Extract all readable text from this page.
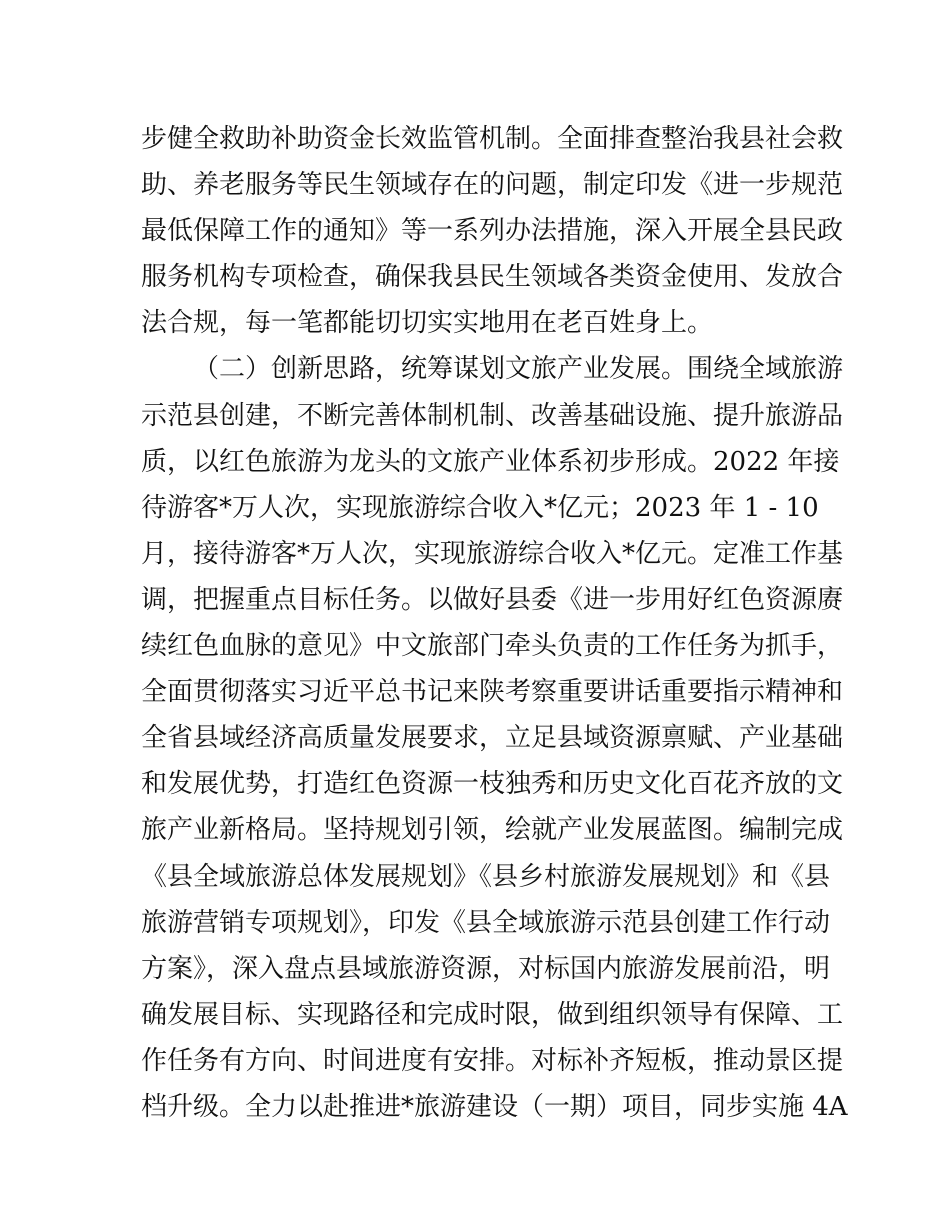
步健全救助补助资金长效监管机制。全面排查整治我县社会救
助、养老服务等民生领域存在的问题，制定印发《进一步规范
最低保障工作的通知》等一系列办法措施，深入开展全县民政
服务机构专项检查，确保我县民生领域各类资金使用、发放合
法合规，每一笔都能切切实实地用在老百姓身上。
（二）创新思路，统筹谋划文旅产业发展。围绕全域旅游
示范县创建，不断完善体制机制、改善基础设施、提升旅游品
质，以红色旅游为龙头的文旅产业体系初步形成。2022 年接
待游客*万人次，实现旅游综合收入*亿元；2023 年 1 - 10
月，接待游客*万人次，实现旅游综合收入*亿元。定准工作基
调，把握重点目标任务。以做好县委《进一步用好红色资源赓
续红色血脉的意见》中文旅部门牵头负责的工作任务为抓手，
全面贯彻落实习近平总书记来陕考察重要讲话重要指示精神和
全省县域经济高质量发展要求，立足县域资源禀赋、产业基础
和发展优势，打造红色资源一枝独秀和历史文化百花齐放的文
旅产业新格局。坚持规划引领，绘就产业发展蓝图。编制完成
《县全域旅游总体发展规划》《县乡村旅游发展规划》和《县
旅游营销专项规划》，印发《县全域旅游示范县创建工作行动
方案》，深入盘点县域旅游资源，对标国内旅游发展前沿，明
确发展目标、实现路径和完成时限，做到组织领导有保障、工
作任务有方向、时间进度有安排。对标补齐短板，推动景区提
档升级。全力以赴推进*旅游建设（一期）项目，同步实施 4A
